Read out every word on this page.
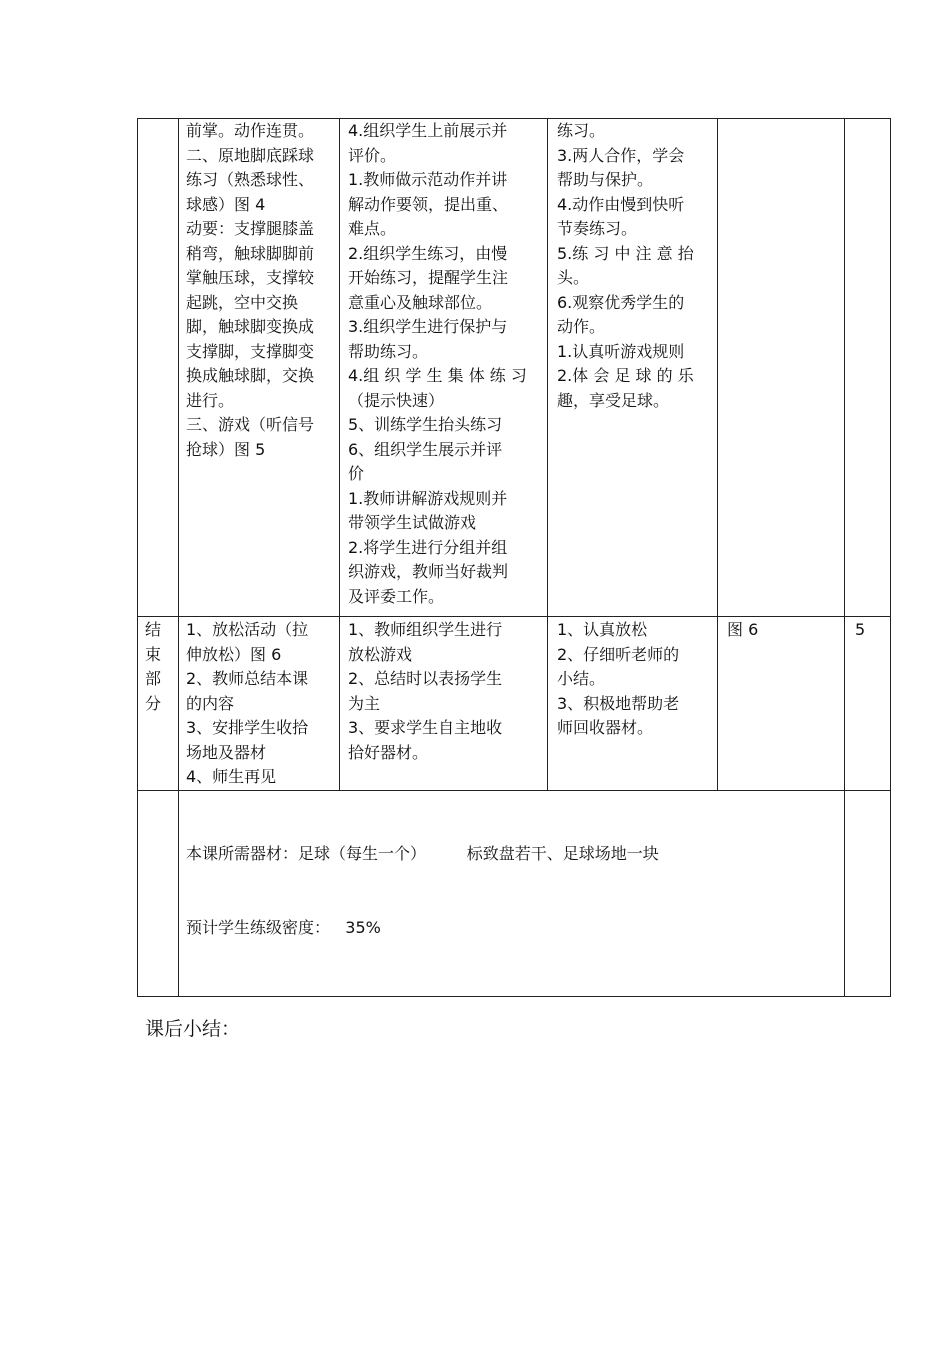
前掌。动作连贯。

二、原地脚底踩球

练习（熟悉球性、

球感）图 4

动要：支撑腿膝盖

稍弯，触球脚脚前

掌触压球，支撑较

起跳，空中交换

脚，触球脚变换成

支撑脚，支撑脚变

换成触球脚，交换

进行。

三、游戏（听信号

抢球）图 5

4.组织学生上前展示并

评价。

1.教师做示范动作并讲

解动作要领，提出重、

难点。

2.组织学生练习，由慢

开始练习，提醒学生注

意重心及触球部位。

3.组织学生进行保护与

帮助练习。

4.组 织 学 生 集 体 练 习

（提示快速）

5、训练学生抬头练习

6、组织学生展示并评

价

1.教师讲解游戏规则并

带领学生试做游戏

2.将学生进行分组并组

织游戏，教师当好裁判

及评委工作。

练习。

3.两人合作，学会

帮助与保护。

4.动作由慢到快听

节奏练习。

5.练 习 中 注 意 抬

头。

6.观察优秀学生的

动作。

1.认真听游戏规则

2.体 会 足 球 的 乐

趣，享受足球。

结
束
部
分

1、放松活动（拉

伸放松）图 6

2、教师总结本课

的内容

3、安排学生收拾

场地及器材

4、师生再见

1、教师组织学生进行

放松游戏

2、总结时以表扬学生

为主

3、要求学生自主地收

拾好器材。

1、认真放松

2、仔细听老师的

小结。

3、积极地帮助老

师回收器材。

图 6	5

本课所需器材：足球（每生一个）        标致盘若干、足球场地一块

预计学生练级密度：   35%

课后小结：
